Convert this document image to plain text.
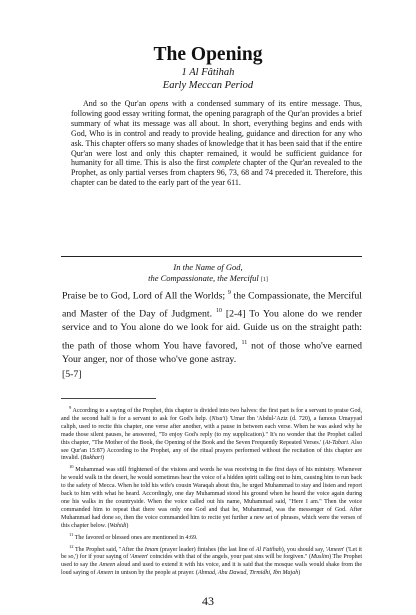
The Opening

1 Al Fâtihah

Early Meccan Period

And so the Qur'an opens with a condensed summary of its entire message. Thus, following good essay writing format, the opening paragraph of the Qur'an provides a brief summary of what its message was all about. In short, everything begins and ends with God, Who is in control and ready to provide healing, guidance and direction for any who ask. This chapter offers so many shades of knowledge that it has been said that if the entire Qur'an were lost and only this chapter remained, it would be sufficient guidance for humanity for all time. This is also the first complete chapter of the Qur'an revealed to the Prophet, as only partial verses from chapters 96, 73, 68 and 74 preceded it. Therefore, this chapter can be dated to the early part of the year 611.

In the Name of God,
the Compassionate, the Merciful [1]

Praise be to God, Lord of All the Worlds; $^9$ the Compassionate, the Merciful and Master of the Day of Judgment. $^{10}$ [2-4] To You alone do we render service and to You alone do we look for aid. Guide us on the straight path: the path of those whom You have favored, $^{11}$ not of those who've earned Your anger, nor of those who've gone astray.
[5-7]

$^9$ According to a saying of the Prophet, this chapter is divided into two halves: the first part is for a servant to praise God, and the second half is for a servant to ask for God's help. (Nisa'i) 'Umar Ibn 'Abdul-'Aziz (d. 720), a famous Umayyad caliph, used to recite this chapter, one verse after another, with a pause in between each verse. When he was asked why he made those silent pauses, he answered, "To enjoy God's reply (to my supplication)." It's no wonder that the Prophet called this chapter, "The Mother of the Book, the Opening of the Book and the Seven Frequently Repeated Verses.' (At-Tabari. Also see Qur'an 15:87) According to the Prophet, any of the ritual prayers performed without the recitation of this chapter are invalid. (Bukhari)

$^{10}$ Muhammad was still frightened of the visions and words he was receiving in the first days of his ministry. Whenever he would walk in the desert, he would sometimes hear the voice of a hidden spirit calling out to him, causing him to run back to the safety of Mecca. When he told his wife's cousin Waraqah about this, he urged Muhammad to stay and listen and report back to him with what he heard. Accordingly, one day Muhammad stood his ground when he heard the voice again during one his walks in the countryside. When the voice called out his name, Muhammad said, "Here I am." Then the voice commanded him to repeat that there was only one God and that he, Muhammad, was the messenger of God. After Muhammad had done so, then the voice commanded him to recite yet further a new set of phrases, which were the verses of this chapter below. (Wahidi)

$^{11}$ The favored or blessed ones are mentioned in 4:69.

$^{12}$ The Prophet said, "After the Imam (prayer leader) finishes (the last line of Al Fatihah), you should say, 'Ameen' ('Let it be so,') for if your saying of 'Ameen' coincides with that of the angels, your past sins will be forgiven." (Muslim) The Prophet used to say the Ameen aloud and used to extend it with his voice, and it is said that the mosque walls would shake from the loud saying of Ameen in unison by the people at prayer. (Ahmad, Abu Dawud, Tirmidhi, Ibn Majah)

43
